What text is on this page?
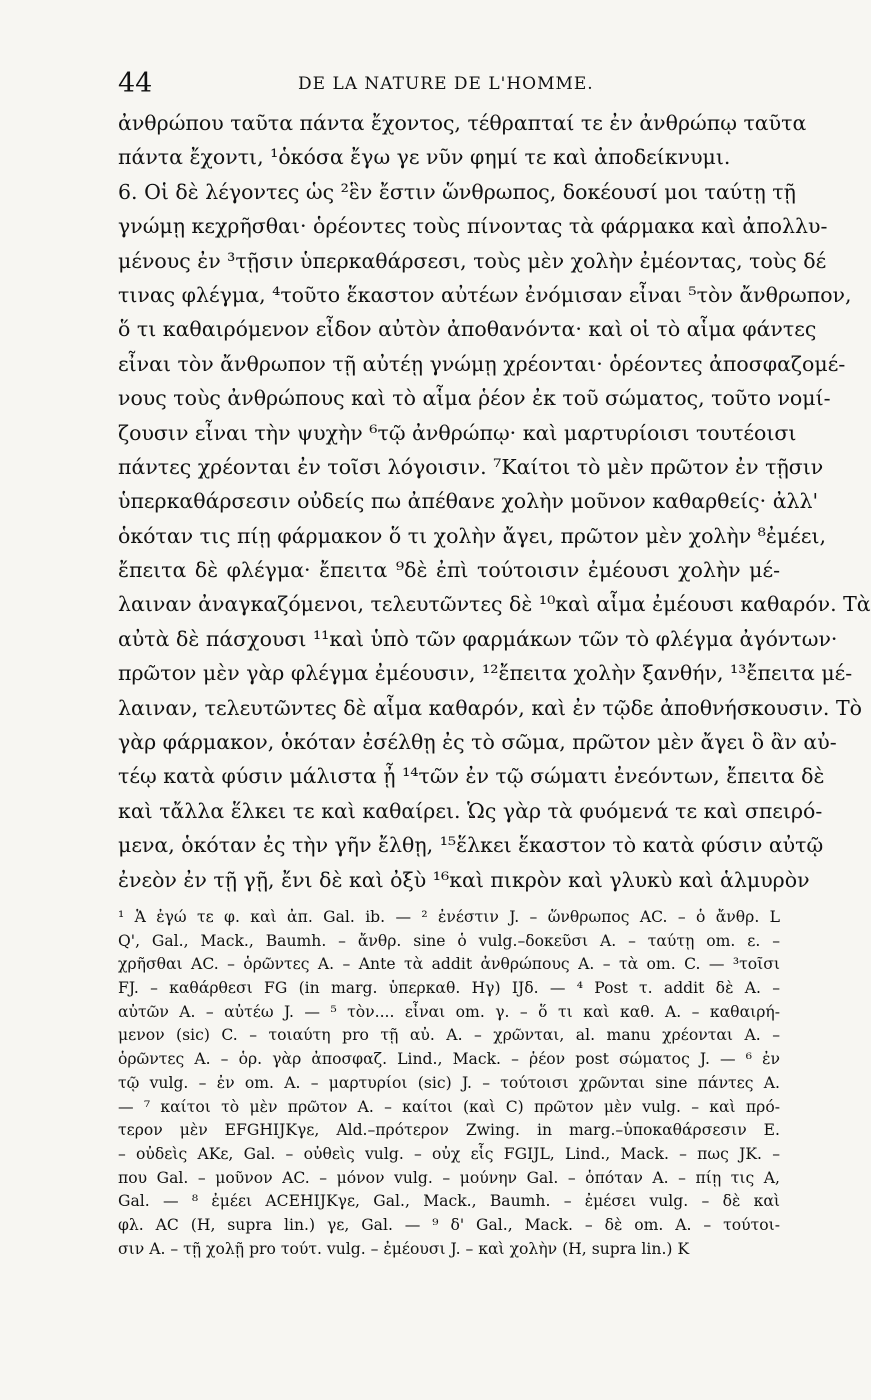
44	DE LA NATURE DE L'HOMME.
ἀνθρώπου ταῦτα πάντα ἔχοντος, τέθραπταί τε ἐν ἀνθρώπῳ ταῦτα
πάντα ἔχοντι, ¹ὁκόσα ἔγω γε νῦν φημί τε καὶ ἀποδείκνυμι.
6. Οἱ δὲ λέγοντες ὡς ²ἓν ἔστιν ὥνθρωπος, δοκέουσί μοι ταύτῃ τῇ
γνώμῃ κεχρῆσθαι· ὁρέοντες τοὺς πίνοντας τὰ φάρμακα καὶ ἀπολλυ-
μένους ἐν ³τῇσιν ὑπερκαθάρσεσι, τοὺς μὲν χολὴν ἐμέοντας, τοὺς δέ
τινας φλέγμα, ⁴τοῦτο ἕκαστον αὐτέων ἐνόμισαν εἶναι ⁵τὸν ἄνθρωπον,
ὅ τι καθαιρόμενον εἶδον αὐτὸν ἀποθανόντα· καὶ οἱ τὸ αἷμα φάντες
εἶναι τὸν ἄνθρωπον τῇ αὐτέῃ γνώμῃ χρέονται· ὁρέοντες ἀποσφαζομέ-
νους τοὺς ἀνθρώπους καὶ τὸ αἷμα ῥέον ἐκ τοῦ σώματος, τοῦτο νομί-
ζουσιν εἶναι τὴν ψυχὴν ⁶τῷ ἀνθρώπῳ· καὶ μαρτυρίοισι τουτέοισι
πάντες χρέονται ἐν τοῖσι λόγοισιν. ⁷Καίτοι τὸ μὲν πρῶτον ἐν τῇσιν
ὑπερκαθάρσεσιν οὐδείς πω ἀπέθανε χολὴν μοῦνον καθαρθείς· ἀλλ'
ὁκόταν τις πίῃ φάρμακον ὅ τι χολὴν ἄγει, πρῶτον μὲν χολὴν ⁸ἐμέει,
ἔπειτα δὲ φλέγμα· ἔπειτα ⁹δὲ ἐπὶ τούτοισιν ἐμέουσι χολὴν μέ-
λαιναν ἀναγκαζόμενοι, τελευτῶντες δὲ ¹⁰καὶ αἷμα ἐμέουσι καθαρόν. Τὰ
αὐτὰ δὲ πάσχουσι ¹¹καὶ ὑπὸ τῶν φαρμάκων τῶν τὸ φλέγμα ἀγόντων·
πρῶτον μὲν γὰρ φλέγμα ἐμέουσιν, ¹²ἔπειτα χολὴν ξανθήν, ¹³ἔπειτα μέ-
λαιναν, τελευτῶντες δὲ αἷμα καθαρόν, καὶ ἐν τῷδε ἀποθνήσκουσιν. Τὸ
γὰρ φάρμακον, ὁκόταν ἐσέλθῃ ἐς τὸ σῶμα, πρῶτον μὲν ἄγει ὃ ἂν αὐ-
τέῳ κατὰ φύσιν μάλιστα ᾖ ¹⁴τῶν ἐν τῷ σώματι ἐνεόντων, ἔπειτα δὲ
καὶ τἄλλα ἕλκει τε καὶ καθαίρει. Ὡς γὰρ τὰ φυόμενά τε καὶ σπειρό-
μενα, ὁκόταν ἐς τὴν γῆν ἔλθῃ, ¹⁵ἕλκει ἕκαστον τὸ κατὰ φύσιν αὐτῷ
ἐνεὸν ἐν τῇ γῇ, ἔνι δὲ καὶ ὀξὺ ¹⁶καὶ πικρὸν καὶ γλυκὺ καὶ ἁλμυρὸν
¹ Ἁ ἐγώ τε φ. καὶ ἀπ. Gal. ib. — ² ἐνέστιν J. – ὥνθρωπος AC. – ὁ ἄνθρ. L
Q', Gal., Mack., Baumh. – ἄνθρ. sine ὁ vulg.–δοκεῦσι A. – ταύτῃ om. ε. –
χρῆσθαι AC. – ὁρῶντες A. – Ante τὰ addit ἀνθρώπους A. – τὰ om. C. — ³τοῖσι
FJ. – καθάρθεσι FG (in marg. ὑπερκαθ. Hγ) IJδ. — ⁴ Post τ. addit δὲ A. –
αὐτῶν A. – αὐτέω J. — ⁵ τὸν.... εἶναι om. γ. – ὅ τι καὶ καθ. A. – καθαιρή-
μενον (sic) C. – τοιαύτη pro τῇ αὐ. A. – χρῶνται, al. manu χρέονται A. –
ὁρῶντες A. – ὁρ. γὰρ ἀποσφαζ. Lind., Mack. – ῥέον post σώματος J. — ⁶ ἐν
τῷ vulg. – ἐν om. A. – μαρτυρίοι (sic) J. – τούτοισι χρῶνται sine πάντες A.
— ⁷ καίτοι τὸ μὲν πρῶτον A. – καίτοι (καὶ C) πρῶτον μὲν vulg. – καὶ πρό-
τερον μὲν EFGHIJKγε, Ald.–πρότερον Zwing. in marg.–ὑποκαθάρσεσιν E.
– οὐδεὶς AKε, Gal. – οὐθεὶς vulg. – οὐχ εἷς FGIJL, Lind., Mack. – πως JK. –
που Gal. – μοῦνον AC. – μόνον vulg. – μούνην Gal. – ὁπόταν A. – πίῃ τις A,
Gal. — ⁸ ἐμέει ACEHIJKγε, Gal., Mack., Baumh. – ἐμέσει vulg. – δὲ καὶ
φλ. AC (H, supra lin.) γε, Gal. — ⁹ δ' Gal., Mack. – δὲ om. A. – τούτοι-
σιν A. – τῇ χολῇ pro τούτ. vulg. – ἐμέουσι J. – καὶ χολὴν (H, supra lin.) K
